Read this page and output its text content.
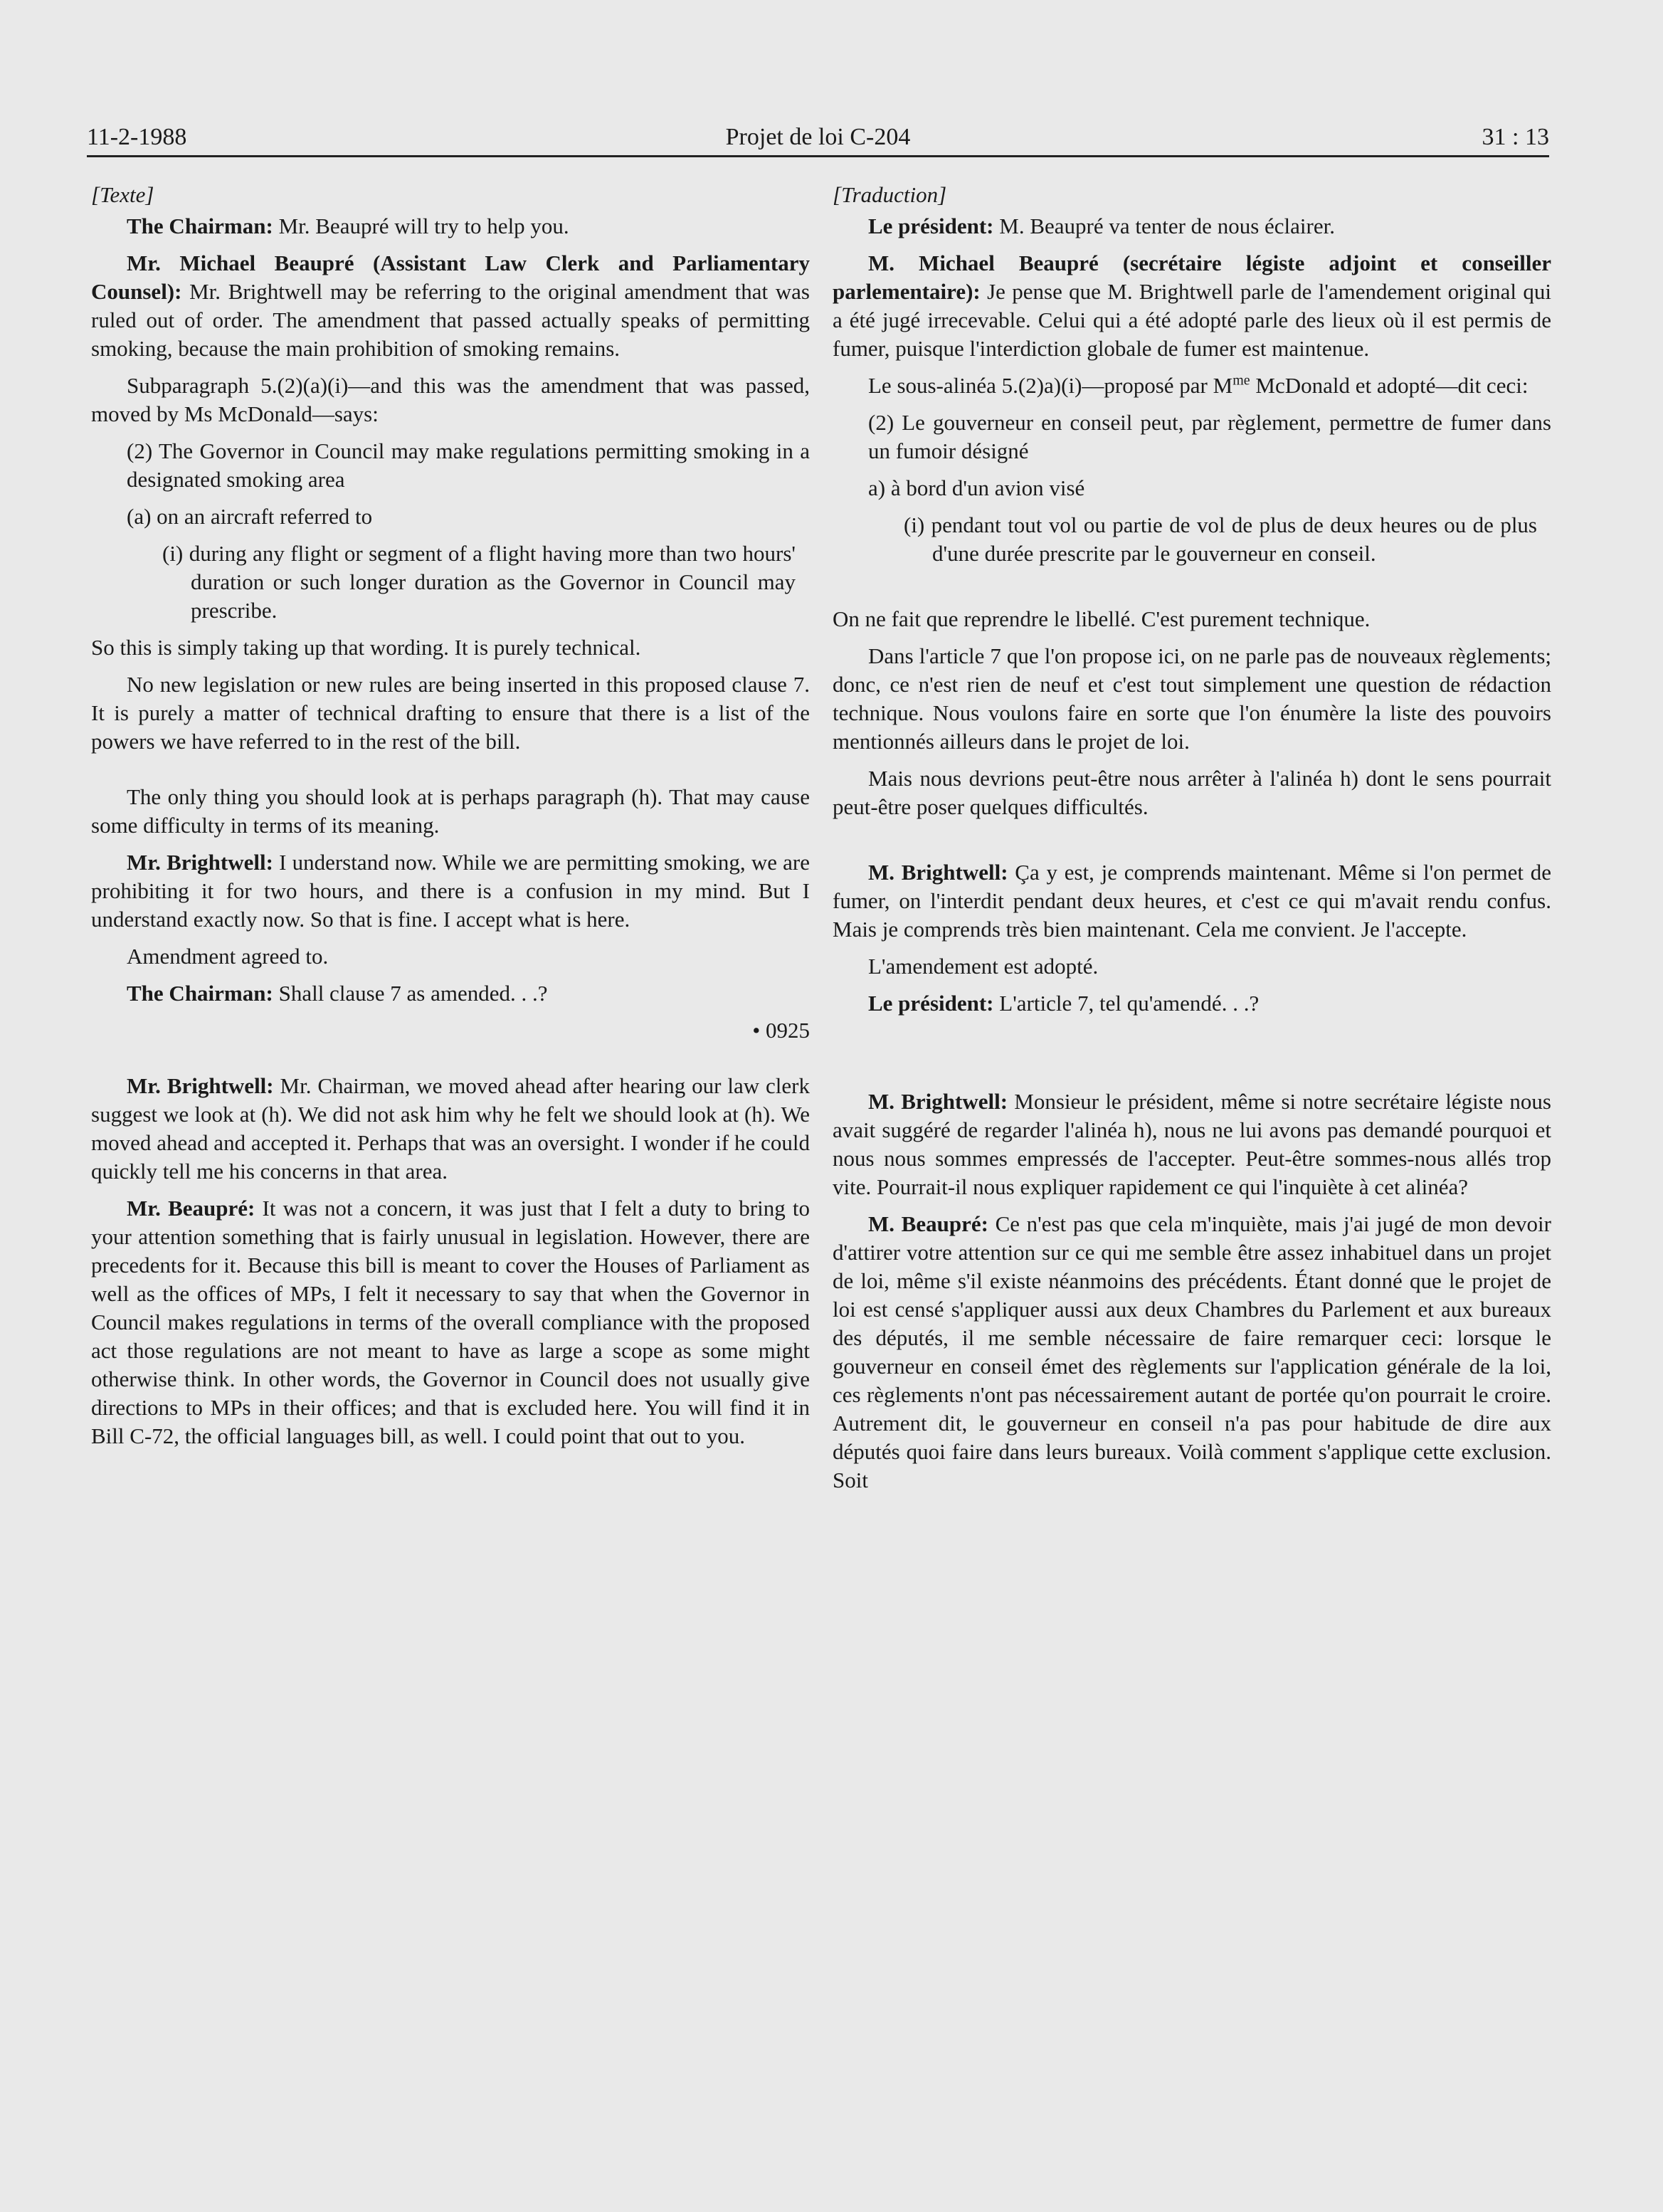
11-2-1988	Projet de loi C-204	31 : 13

[Texte]

The Chairman: Mr. Beaupré will try to help you.

Mr. Michael Beaupré (Assistant Law Clerk and Parliamentary Counsel): Mr. Brightwell may be referring to the original amendment that was ruled out of order. The amendment that passed actually speaks of permitting smoking, because the main prohibition of smoking remains.

Subparagraph 5.(2)(a)(i)—and this was the amendment that was passed, moved by Ms McDonald—says:

(2) The Governor in Council may make regulations permitting smoking in a designated smoking area

(a) on an aircraft referred to

(i) during any flight or segment of a flight having more than two hours' duration or such longer duration as the Governor in Council may prescribe.

So this is simply taking up that wording. It is purely technical.

No new legislation or new rules are being inserted in this proposed clause 7. It is purely a matter of technical drafting to ensure that there is a list of the powers we have referred to in the rest of the bill.

The only thing you should look at is perhaps paragraph (h). That may cause some difficulty in terms of its meaning.

Mr. Brightwell: I understand now. While we are permitting smoking, we are prohibiting it for two hours, and there is a confusion in my mind. But I understand exactly now. So that is fine. I accept what is here.

Amendment agreed to.

The Chairman: Shall clause 7 as amended. . .?

• 0925

Mr. Brightwell: Mr. Chairman, we moved ahead after hearing our law clerk suggest we look at (h). We did not ask him why he felt we should look at (h). We moved ahead and accepted it. Perhaps that was an oversight. I wonder if he could quickly tell me his concerns in that area.

Mr. Beaupré: It was not a concern, it was just that I felt a duty to bring to your attention something that is fairly unusual in legislation. However, there are precedents for it. Because this bill is meant to cover the Houses of Parliament as well as the offices of MPs, I felt it necessary to say that when the Governor in Council makes regulations in terms of the overall compliance with the proposed act those regulations are not meant to have as large a scope as some might otherwise think. In other words, the Governor in Council does not usually give directions to MPs in their offices; and that is excluded here. You will find it in Bill C-72, the official languages bill, as well. I could point that out to you.

[Traduction]

Le président: M. Beaupré va tenter de nous éclairer.

M. Michael Beaupré (secrétaire légiste adjoint et conseiller parlementaire): Je pense que M. Brightwell parle de l'amendement original qui a été jugé irrecevable. Celui qui a été adopté parle des lieux où il est permis de fumer, puisque l'interdiction globale de fumer est maintenue.

Le sous-alinéa 5.(2)a)(i)—proposé par $M^{me}$ McDonald et adopté—dit ceci:

(2) Le gouverneur en conseil peut, par règlement, permettre de fumer dans un fumoir désigné

a) à bord d'un avion visé

(i) pendant tout vol ou partie de vol de plus de deux heures ou de plus d'une durée prescrite par le gouverneur en conseil.

On ne fait que reprendre le libellé. C'est purement technique.

Dans l'article 7 que l'on propose ici, on ne parle pas de nouveaux règlements; donc, ce n'est rien de neuf et c'est tout simplement une question de rédaction technique. Nous voulons faire en sorte que l'on énumère la liste des pouvoirs mentionnés ailleurs dans le projet de loi.

Mais nous devrions peut-être nous arrêter à l'alinéa h) dont le sens pourrait peut-être poser quelques difficultés.

M. Brightwell: Ça y est, je comprends maintenant. Même si l'on permet de fumer, on l'interdit pendant deux heures, et c'est ce qui m'avait rendu confus. Mais je comprends très bien maintenant. Cela me convient. Je l'accepte.

L'amendement est adopté.

Le président: L'article 7, tel qu'amendé. . .?

M. Brightwell: Monsieur le président, même si notre secrétaire légiste nous avait suggéré de regarder l'alinéa h), nous ne lui avons pas demandé pourquoi et nous nous sommes empressés de l'accepter. Peut-être sommes-nous allés trop vite. Pourrait-il nous expliquer rapidement ce qui l'inquiète à cet alinéa?

M. Beaupré: Ce n'est pas que cela m'inquiète, mais j'ai jugé de mon devoir d'attirer votre attention sur ce qui me semble être assez inhabituel dans un projet de loi, même s'il existe néanmoins des précédents. Étant donné que le projet de loi est censé s'appliquer aussi aux deux Chambres du Parlement et aux bureaux des députés, il me semble nécessaire de faire remarquer ceci: lorsque le gouverneur en conseil émet des règlements sur l'application générale de la loi, ces règlements n'ont pas nécessairement autant de portée qu'on pourrait le croire. Autrement dit, le gouverneur en conseil n'a pas pour habitude de dire aux députés quoi faire dans leurs bureaux. Voilà comment s'applique cette exclusion. Soit
